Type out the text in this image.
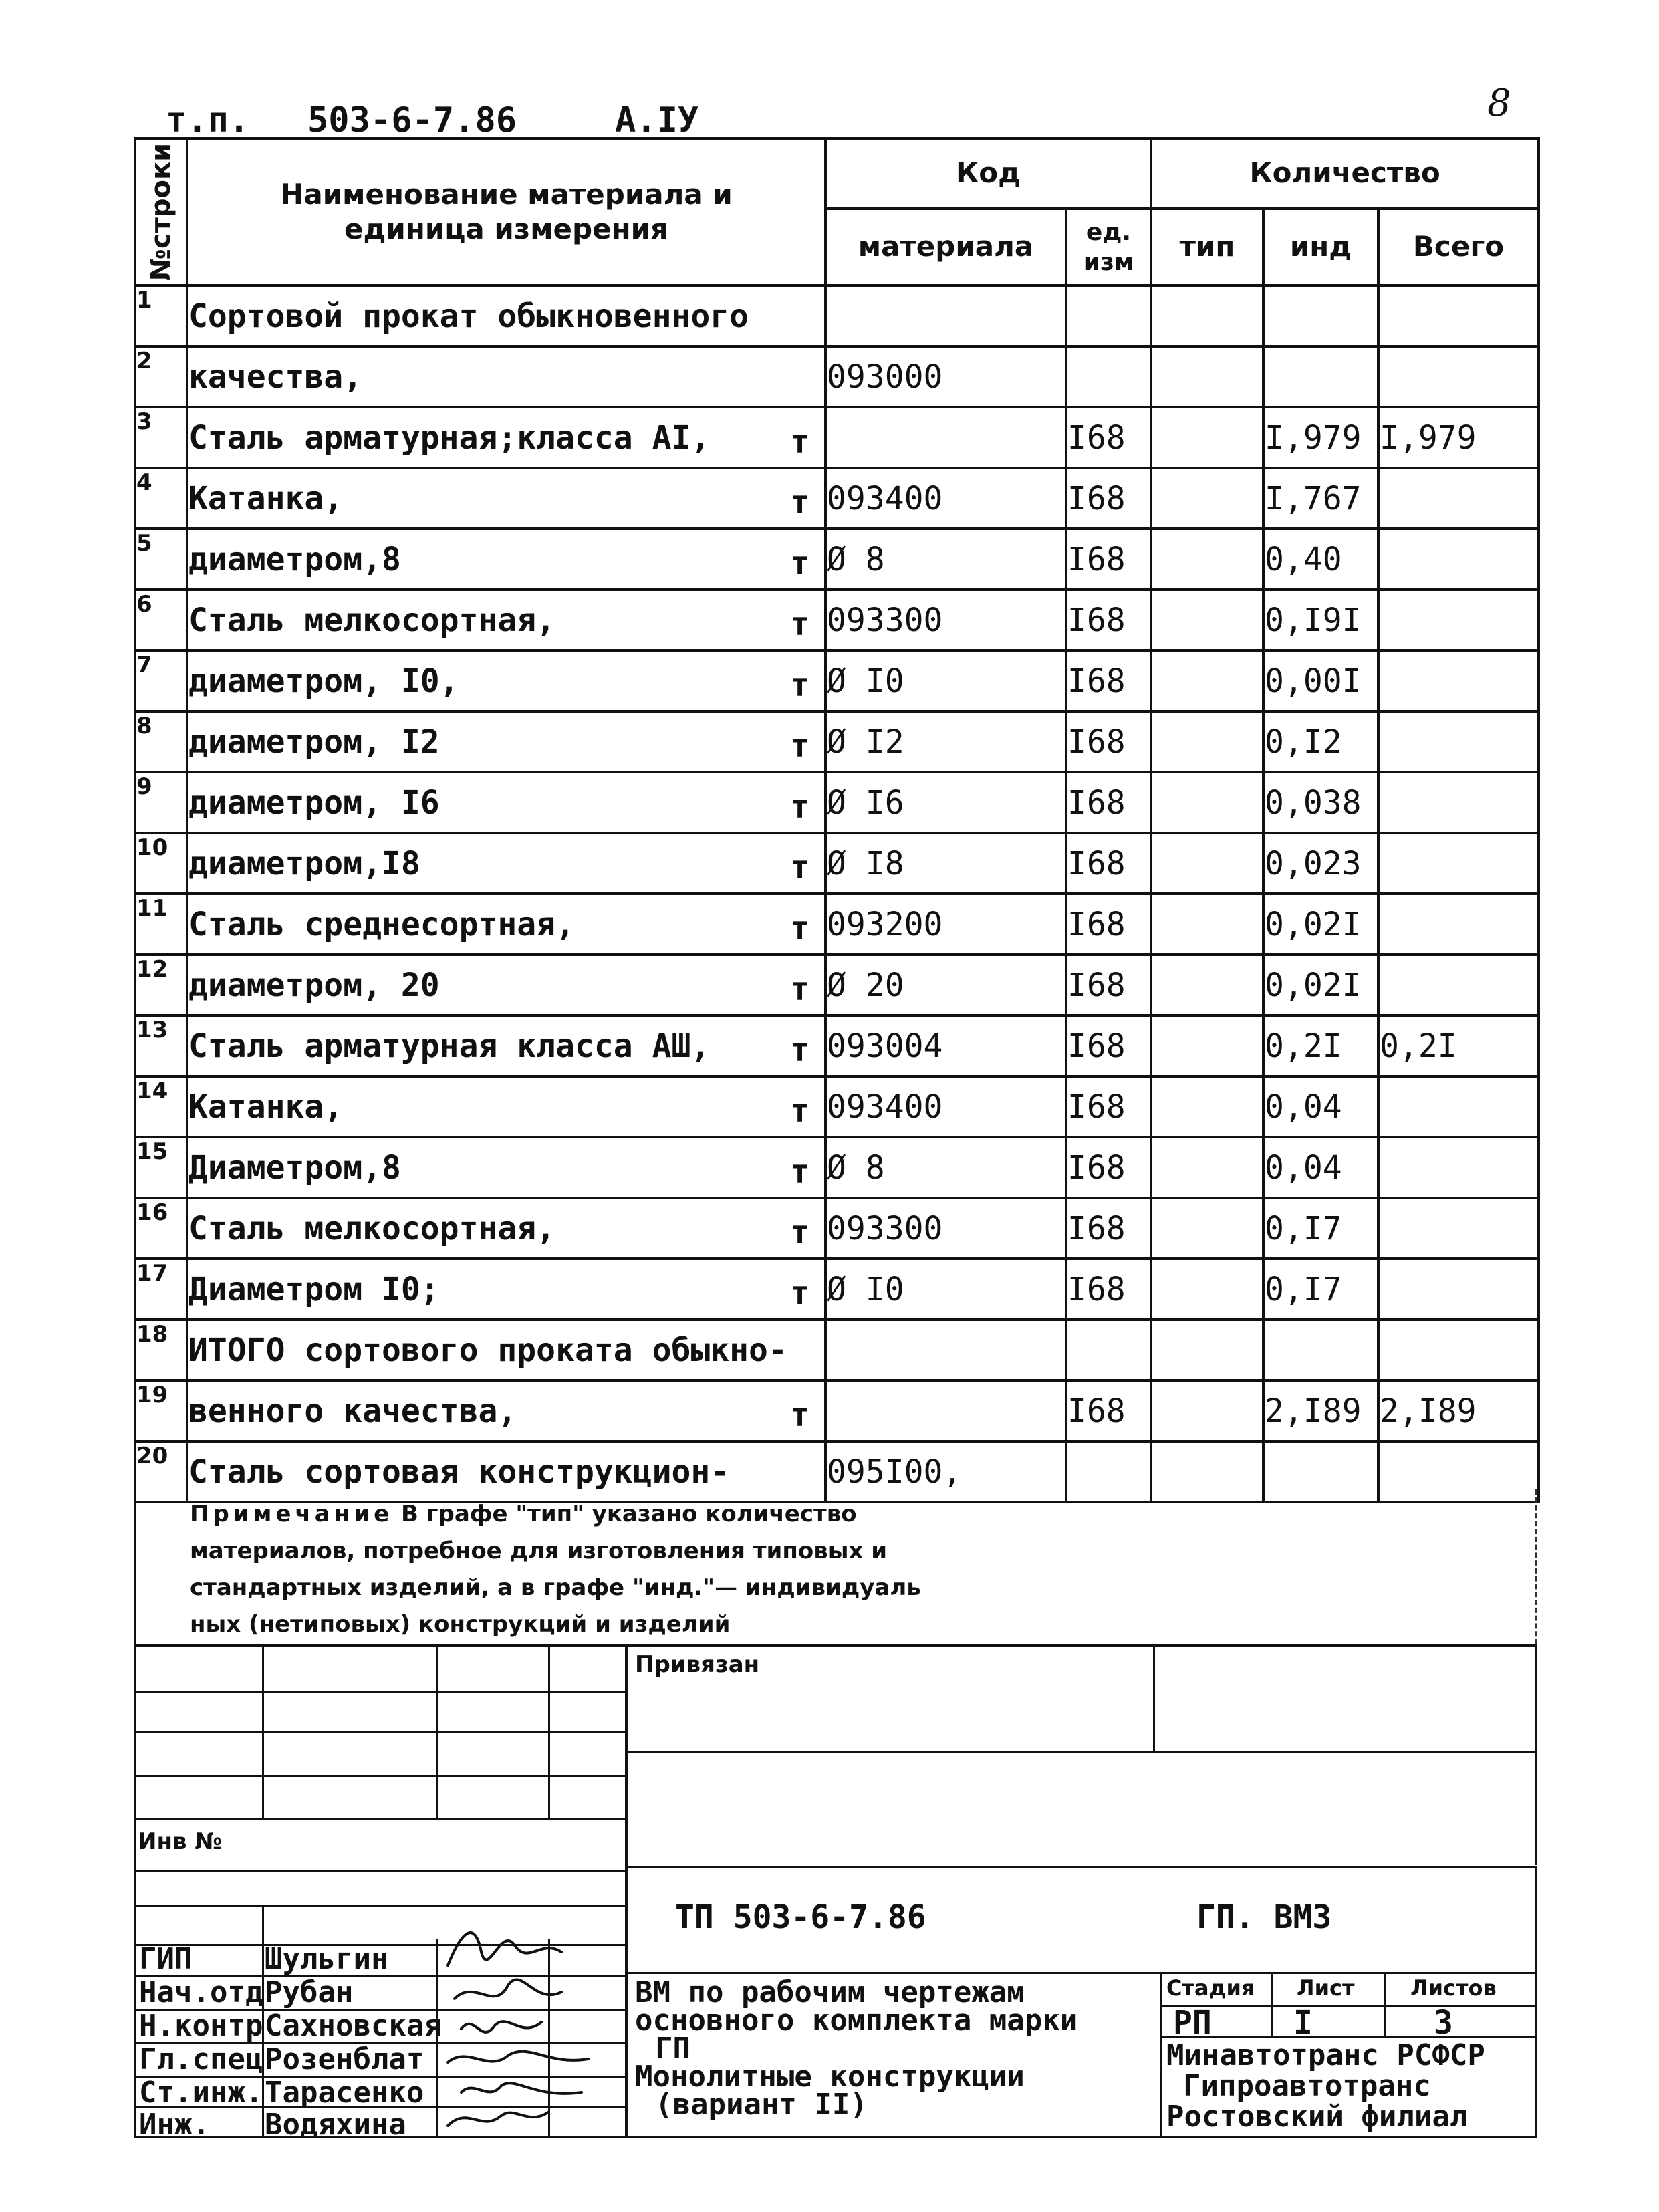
т.п. 503-6-7.86	А.IУ	8
№строки	Наименование материала и единица измерения	Код		Количество		
		материала	ед. изм	тип	инд	Всего
1	Сортовой прокат обыкновенного

2	качества,	093000				
3	Сталь арматурная;класса АI, т		I68		I,979	I,979
4	Катанка, т	093400	I68		I,767	
5	диаметром,8 т	Ø 8	I68		0,40	
6	Сталь мелкосортная, т	093300	I68		0,I9I	
7	диаметром, I0, т	Ø I0	I68		0,00I	
8	диаметром, I2 т	Ø I2	I68		0,I2	
9	диаметром, I6 т	Ø I6	I68		0,038	
10	диаметром,I8 т	Ø I8	I68		0,023	
11	Сталь среднесортная, т	093200	I68		0,02I	
12	диаметром, 20 т	Ø 20	I68		0,02I	
13	Сталь арматурная класса АШ, т	093004	I68		0,2I	0,2I
14	Катанка, т	093400	I68		0,04	
15	Диаметром,8 т	Ø 8	I68		0,04	
16	Сталь мелкосортная, т	093300	I68		0,I7	
17	Диаметром I0; т	Ø I0	I68		0,I7	
18	ИТОГО сортового проката обыкно-

19	венного качества, т		I68		2,I89	2,I89
20	Сталь сортовая конструкцион-	095I00,				

Примечание В графе "тип" указано количество
материалов, потребное для изготовления типовых и
стандартных изделий, а в графе "инд."— индивидуаль
ных (нетиповых) конструкций и изделий

Привязан
Инв №
ТП 503-6-7.86	ГП. ВМ3
ВМ по рабочим чертежам
основного комплекта марки
ГП
Монолитные конструкции
(вариант II)
Стадия Лист	Листов
РП	I	3
Минавтотранс РСФСР
Гипроавтотранс
Ростовский филиал
ГИП Шульгин
Нач.отд Рубан
Н.контр Сахновская
Гл.спец Розенблат
Ст.инж. Тарасенко
Инж. Водяхина
